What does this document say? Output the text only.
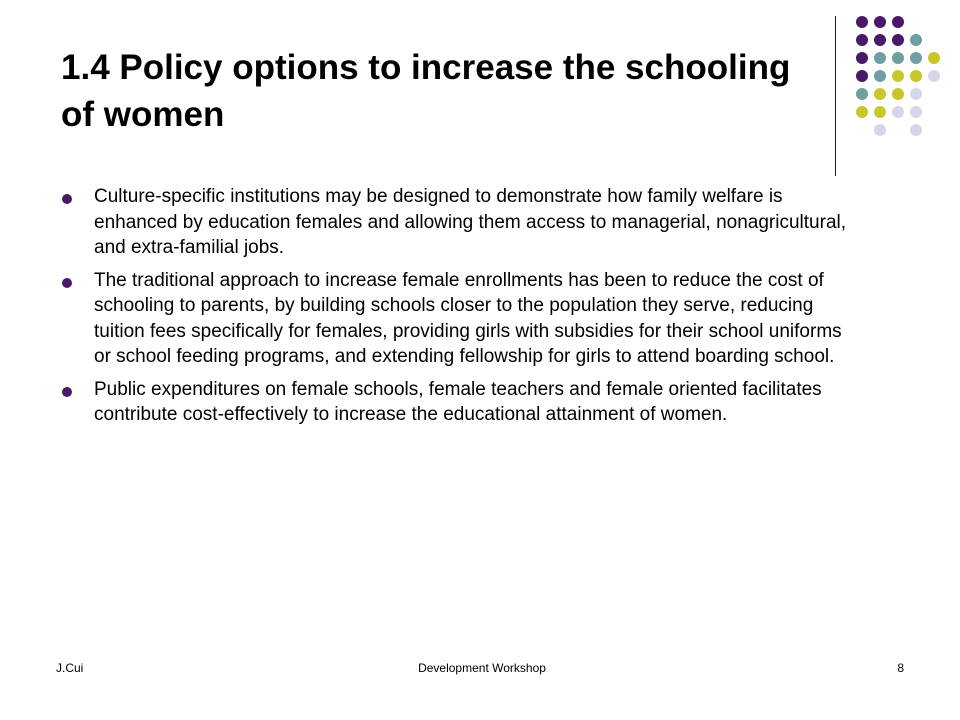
1.4 Policy options to increase the schooling of women
Culture-specific institutions may be designed to demonstrate how family welfare is enhanced by education females and allowing them access to managerial, nonagricultural, and extra-familial jobs.
The traditional approach to increase female enrollments has been to reduce the cost of schooling to parents, by building schools closer to the population they serve, reducing tuition fees specifically for females, providing girls with subsidies for their school uniforms or school feeding programs, and extending fellowship for girls to attend boarding school.
Public expenditures on female schools, female teachers and female oriented facilitates contribute cost-effectively to increase the educational attainment of women.
J.Cui	Development Workshop	8
